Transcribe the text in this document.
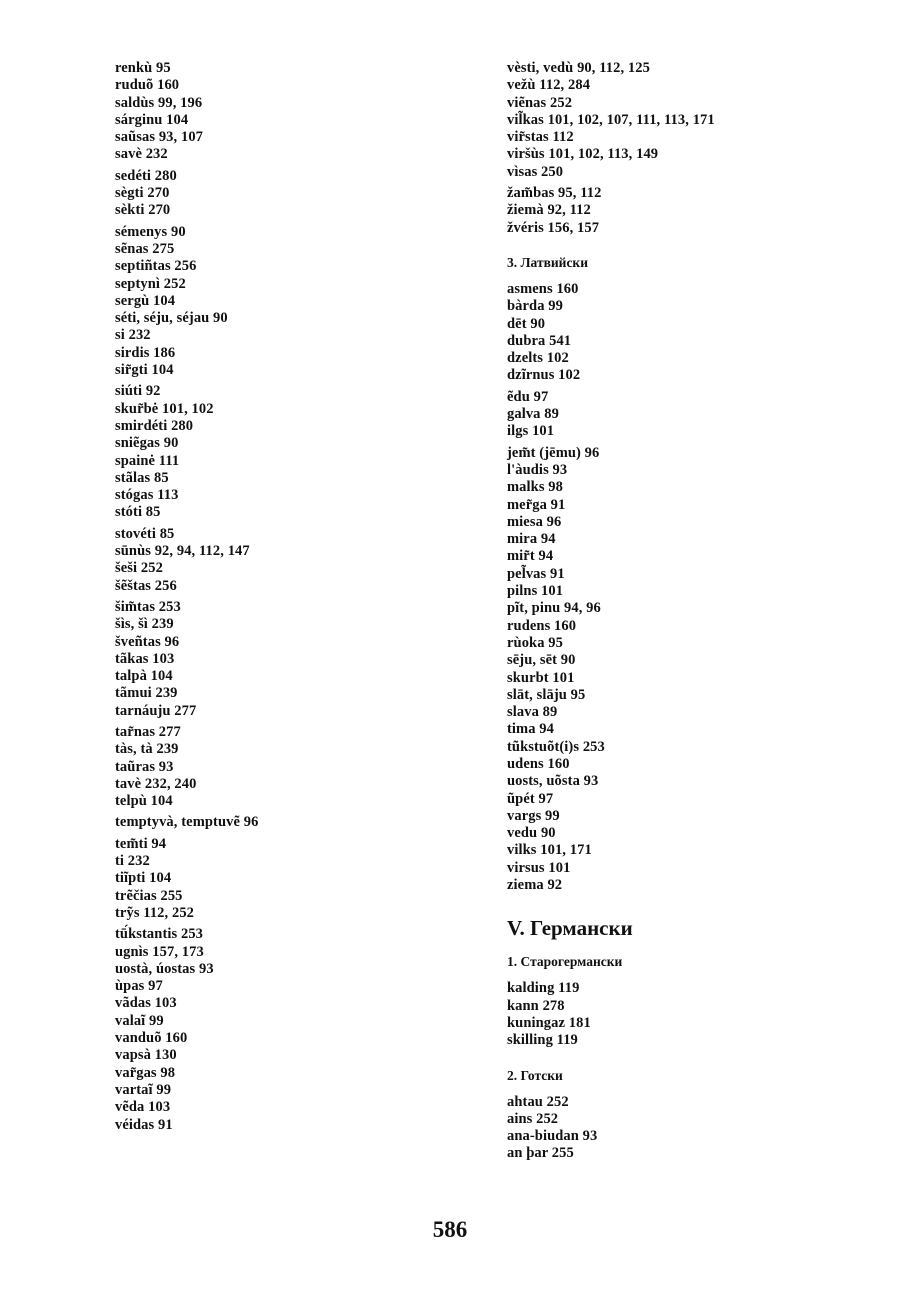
renkù 95
ruduõ 160
saldùs 99, 196
sárginu 104
saũsas 93, 107
savè 232
sedéti 280
sègti 270
sèkti 270
sémenys 90
sẽnas 275
septiñtas 256
septynì 252
sergù 104
séti, séju, séjau 90
si 232
sirdis 186
sir̃gti 104
siúti 92
skur̃bė 101, 102
smirdéti 280
sniẽgas 90
spainė 111
stãlas 85
stógas 113
stóti 85
stovéti 85
sūnùs 92, 94, 112, 147
šeši 252
šẽštas 256
šim̃tas 253
šìs, šì 239
šveñtas 96
tãkas 103
talpà 104
tãmui 239
tarnáuju 277
tar̃nas 277
tàs, tà 239
taũras 93
tavè 232, 240
telpù 104
temptyvà, temptuvẽ 96
tem̃ti 94
ti 232
tiĩpti 104
trẽčias 255
trỹs 112, 252
tū́kstantis 253
ugnìs 157, 173
uostà, úostas 93
ùpas 97
vãdas 103
valaĩ 99
vanduõ 160
vapsà 130
var̃gas 98
vartaĩ 99
vẽda 103
véidas 91
vèsti, vedù 90, 112, 125
vežù 112, 284
viẽnas 252
vil̃kas 101, 102, 107, 111, 113, 171
vir̃stas 112
viršùs 101, 102, 113, 149
vìsas 250
žam̃bas 95, 112
žiemà 92, 112
žvéris 156, 157
3. Латвийски
asmens 160
bàrda 99
dēt 90
dubra 541
dzelts 102
dzĩrnus 102
ẽdu 97
galva 89
ilgs 101
jem̃t (jēmu) 96
l'àudis 93
malks 98
mer̃ga 91
miesa 96
mira 94
mir̃t 94
pel̃vas 91
pilns 101
pĩt, pinu 94, 96
rudens 160
rùoka 95
sēju, sēt 90
skurbt 101
slāt, slāju 95
slava 89
tima 94
tũkstuõt(i)s 253
udens 160
uosts, uõsta 93
ũpét 97
vargs 99
vedu 90
vilks 101, 171
virsus 101
ziema 92
V. Германски
1. Старогермански
kalding 119
kann 278
kuningaz 181
skilling 119
2. Готски
ahtau 252
ains 252
ana-biudan 93
an þar 255
586
